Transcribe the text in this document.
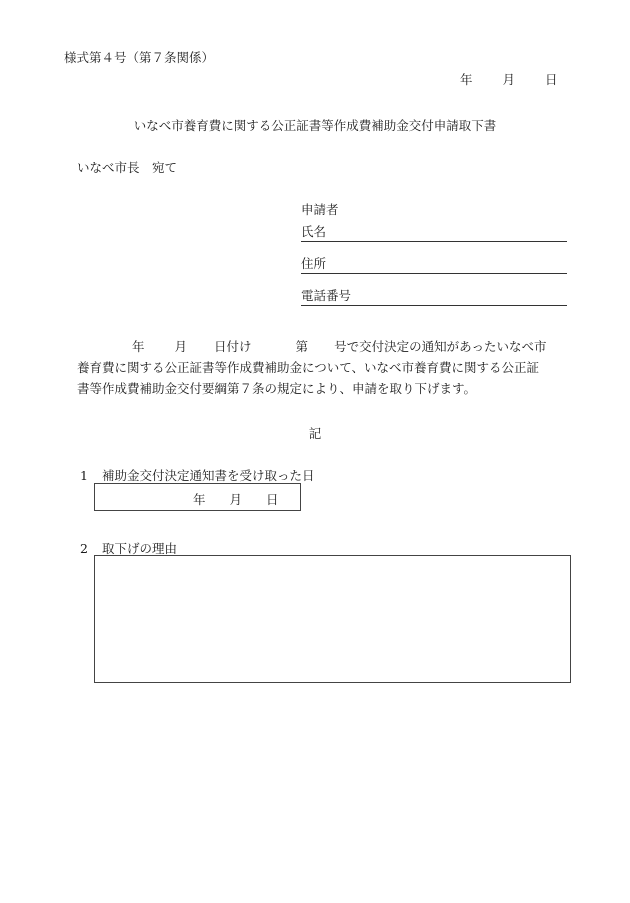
様式第４号（第７条関係）
年 月 日
いなべ市養育費に関する公正証書等作成費補助金交付申請取下書
いなべ市長　宛て
申請者
氏名
住所
電話番号
年 月 日付け	第 号で交付決定の通知があったいなべ市
養育費に関する公正証書等作成費補助金について、いなべ市養育費に関する公正証
書等作成費補助金交付要綱第７条の規定により、申請を取り下げます。
記
1 補助金交付決定通知書を受け取った日
年 月 日
2 取下げの理由
